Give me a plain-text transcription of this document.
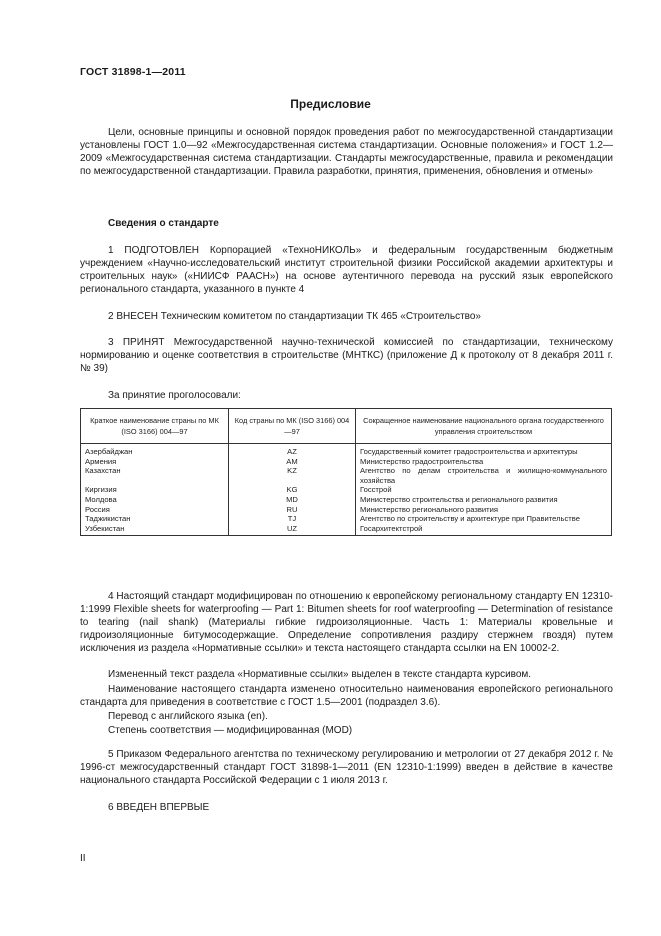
ГОСТ 31898-1—2011
Предисловие
Цели, основные принципы и основной порядок проведения работ по межгосударственной стандартизации установлены ГОСТ 1.0—92 «Межгосударственная система стандартизации. Основные положения» и ГОСТ 1.2—2009 «Межгосударственная система стандартизации. Стандарты межгосударственные, правила и рекомендации по межгосударственной стандартизации. Правила разработки, принятия, применения, обновления и отмены»
Сведения о стандарте
1 ПОДГОТОВЛЕН Корпорацией «ТехноНИКОЛЬ» и федеральным государственным бюджетным учреждением «Научно-исследовательский институт строительной физики Российской академии архитектуры и строительных наук» («НИИСФ РААСН») на основе аутентичного перевода на русский язык европейского регионального стандарта, указанного в пункте 4
2 ВНЕСЕН Техническим комитетом по стандартизации ТК 465 «Строительство»
3 ПРИНЯТ Межгосударственной научно-технической комиссией по стандартизации, техническому нормированию и оценке соответствия в строительстве (МНТКС) (приложение Д к протоколу от 8 декабря 2011 г. № 39)
За принятие проголосовали:
Краткое наименование страны по МК (ISO 3166) 004—97	Код страны по МК (ISO 3166) 004—97	Сокращенное наименование национального органа государственного управления строительством
Азербайджан	AZ	Государственный комитет градостроительства и архитектуры
Армения	AM	Министерство градостроительства
Казахстан	KZ	Агентство по делам строительства и жилищно-коммунального хозяйства
Киргизия	KG	Госстрой
Молдова	MD	Министерство строительства и регионального развития
Россия	RU	Министерство регионального развития
Таджикистан	TJ	Агентство по строительству и архитектуре при Правительстве
Узбекистан	UZ	Госархитектстрой
4 Настоящий стандарт модифицирован по отношению к европейскому региональному стандарту EN 12310-1:1999 Flexible sheets for waterproofing — Part 1: Bitumen sheets for roof waterproofing — Determination of resistance to tearing (nail shank) (Материалы гибкие гидроизоляционные. Часть 1: Материалы кровельные и гидроизоляционные битумосодержащие. Определение сопротивления раздиру стержнем гвоздя) путем исключения из раздела «Нормативные ссылки» и текста настоящего стандарта ссылки на EN 10002-2.
Измененный текст раздела «Нормативные ссылки» выделен в тексте стандарта курсивом.
Наименование настоящего стандарта изменено относительно наименования европейского регионального стандарта для приведения в соответствие с ГОСТ 1.5—2001 (подраздел 3.6).
Перевод с английского языка (en).
Степень соответствия — модифицированная (MOD)
5 Приказом Федерального агентства по техническому регулированию и метрологии от 27 декабря 2012 г. № 1996-ст межгосударственный стандарт ГОСТ 31898-1—2011 (EN 12310-1:1999) введен в действие в качестве национального стандарта Российской Федерации с 1 июля 2013 г.
6 ВВЕДЕН ВПЕРВЫЕ
II
